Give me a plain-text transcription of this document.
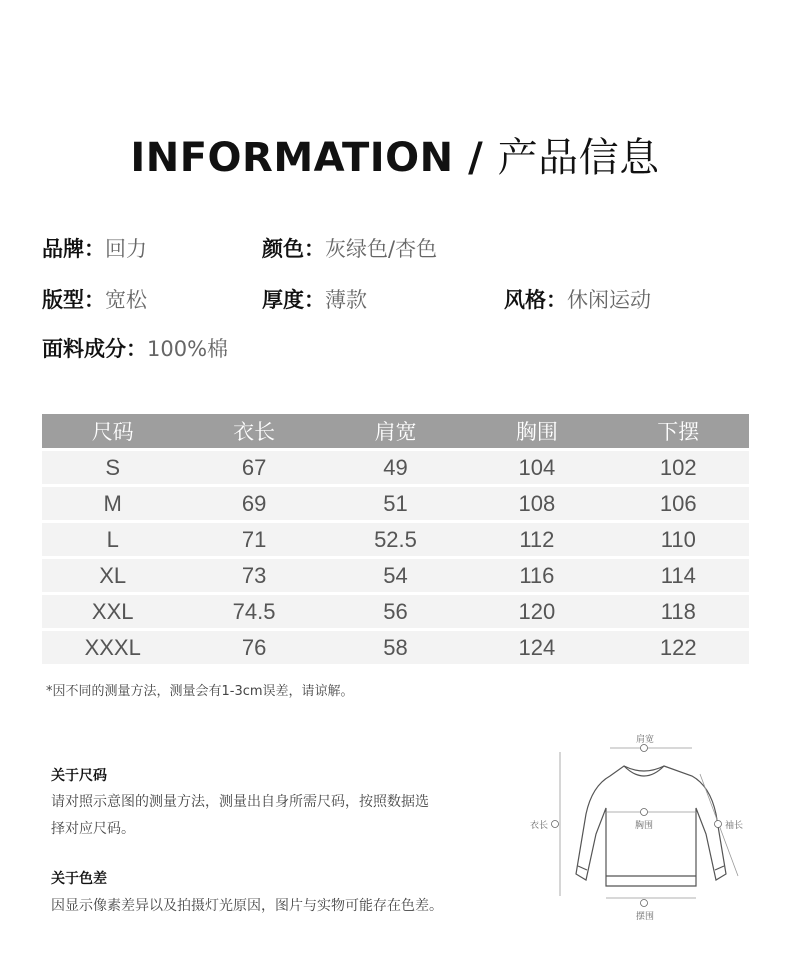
INFORMATION / 产品信息
品牌：回力	颜色：灰绿色/杏色
版型：宽松	厚度：薄款	风格：休闲运动
面料成分：100%棉
尺码	衣长	肩宽	胸围	下摆
S	67	49	104	102
M	69	51	108	106
L	71	52.5	112	110
XL	73	54	116	114
XXL	74.5	56	120	118
XXXL	76	58	124	122
*因不同的测量方法，测量会有1-3cm误差，请谅解。
关于尺码
请对照示意图的测量方法，测量出自身所需尺码，按照数据选
择对应尺码。
关于色差
因显示像素差异以及拍摄灯光原因，图片与实物可能存在色差。
肩宽
胸围
衣长	袖长
摆围
